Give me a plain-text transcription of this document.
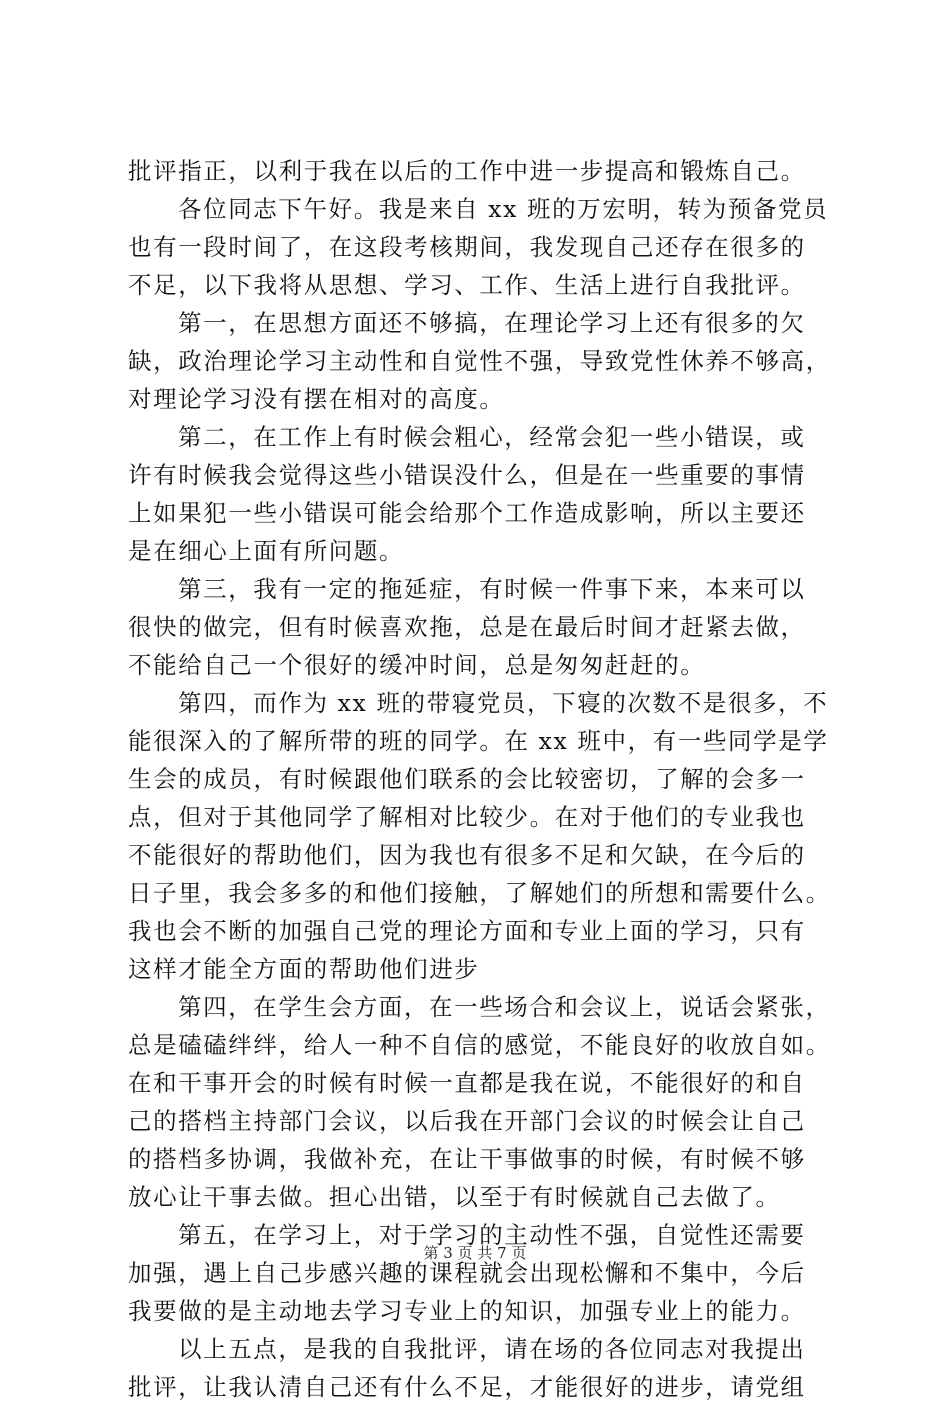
批评指正，以利于我在以后的工作中进一步提高和锻炼自己。
各位同志下午好。我是来自 xx 班的万宏明，转为预备党员
也有一段时间了，在这段考核期间，我发现自己还存在很多的
不足，以下我将从思想、学习、工作、生活上进行自我批评。
第一，在思想方面还不够搞，在理论学习上还有很多的欠
缺，政治理论学习主动性和自觉性不强，导致党性休养不够高，
对理论学习没有摆在相对的高度。
第二，在工作上有时候会粗心，经常会犯一些小错误，或
许有时候我会觉得这些小错误没什么，但是在一些重要的事情
上如果犯一些小错误可能会给那个工作造成影响，所以主要还
是在细心上面有所问题。
第三，我有一定的拖延症，有时候一件事下来，本来可以
很快的做完，但有时候喜欢拖，总是在最后时间才赶紧去做，
不能给自己一个很好的缓冲时间，总是匆匆赶赶的。
第四，而作为 xx 班的带寝党员，下寝的次数不是很多，不
能很深入的了解所带的班的同学。在 xx 班中，有一些同学是学
生会的成员，有时候跟他们联系的会比较密切，了解的会多一
点，但对于其他同学了解相对比较少。在对于他们的专业我也
不能很好的帮助他们，因为我也有很多不足和欠缺，在今后的
日子里，我会多多的和他们接触，了解她们的所想和需要什么。
我也会不断的加强自己党的理论方面和专业上面的学习，只有
这样才能全方面的帮助他们进步
第四，在学生会方面，在一些场合和会议上，说话会紧张，
总是磕磕绊绊，给人一种不自信的感觉，不能良好的收放自如。
在和干事开会的时候有时候一直都是我在说，不能很好的和自
己的搭档主持部门会议，以后我在开部门会议的时候会让自己
的搭档多协调，我做补充，在让干事做事的时候，有时候不够
放心让干事去做。担心出错，以至于有时候就自己去做了。
第五，在学习上，对于学习的主动性不强，自觉性还需要
加强，遇上自己步感兴趣的课程就会出现松懈和不集中，今后
我要做的是主动地去学习专业上的知识，加强专业上的能力。
以上五点，是我的自我批评，请在场的各位同志对我提出
批评，让我认清自己还有什么不足，才能很好的进步，请党组
第 3 页 共 7 页
